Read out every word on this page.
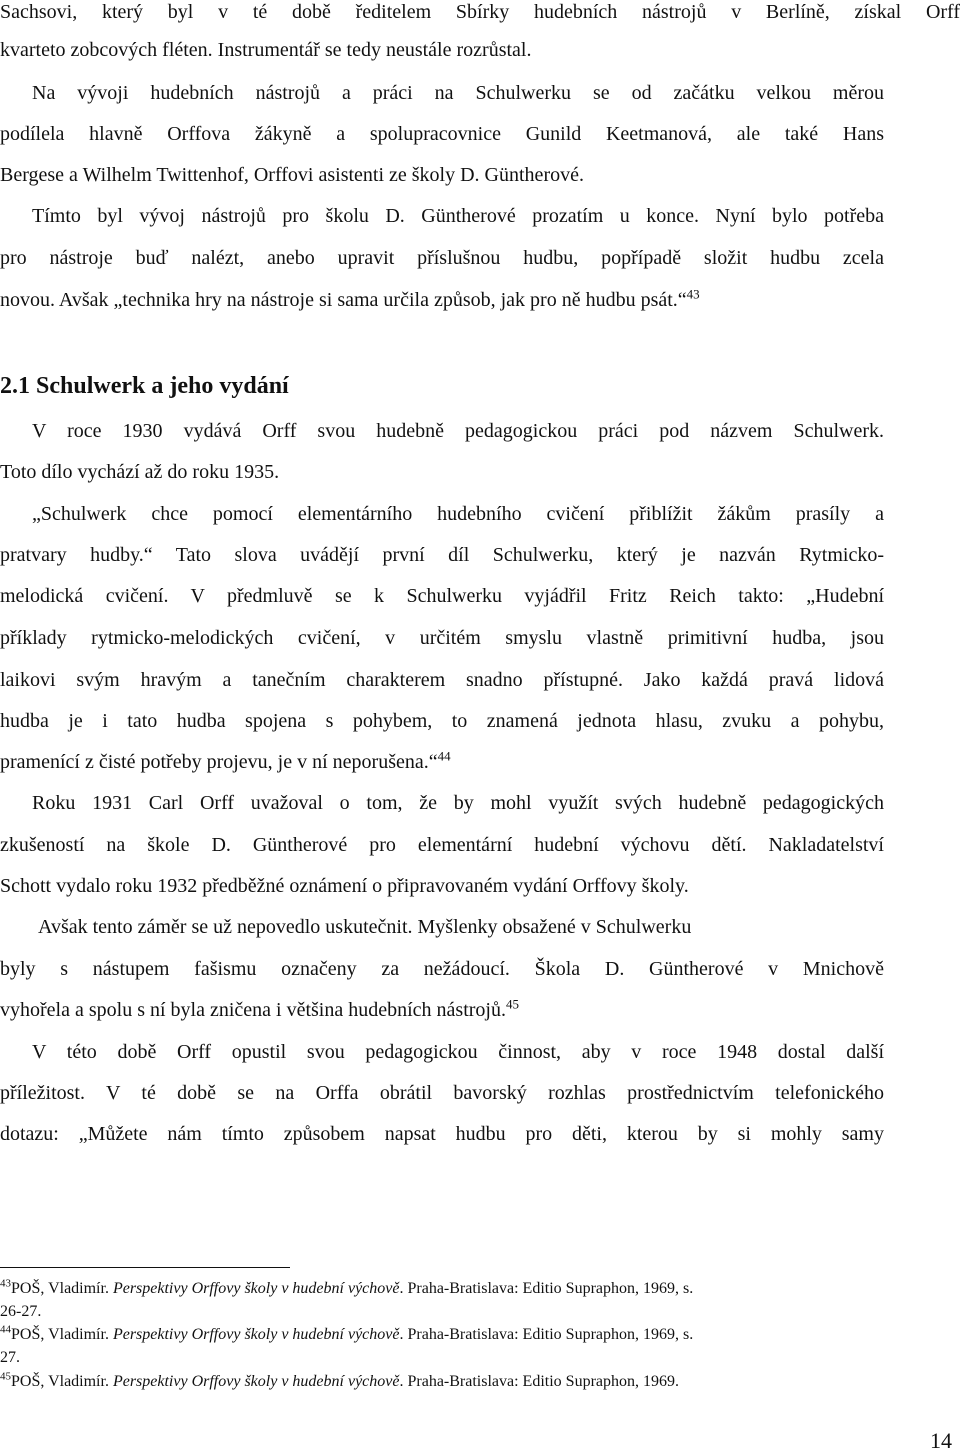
Sachsovi, který byl v té době ředitelem Sbírky hudebních nástrojů v Berlíně, získal Orff

kvarteto zobcových fléten. Instrumentář se tedy neustále rozrůstal.

Na vývoji hudebních nástrojů a práci na Schulwerku se od začátku velkou měrou

podílela hlavně Orffova žákyně a spolupracovnice Gunild Keetmanová, ale také Hans

Bergese a Wilhelm Twittenhof, Orffovi asistenti ze školy D. Güntherové.

Tímto byl vývoj nástrojů pro školu D. Güntherové prozatím u konce. Nyní bylo potřeba

pro nástroje buď nalézt, anebo upravit příslušnou hudbu, popřípadě složit hudbu zcela

novou. Avšak „technika hry na nástroje si sama určila způsob, jak pro ně hudbu psát.“$^{43}$

2.1 Schulwerk a jeho vydání

V roce 1930 vydává Orff svou hudebně pedagogickou práci pod názvem Schulwerk.

Toto dílo vychází až do roku 1935.

„Schulwerk chce pomocí elementárního hudebního cvičení přiblížit žákům prasíly a

pratvary hudby.“ Tato slova uvádějí první díl Schulwerku, který je nazván Rytmicko-

melodická cvičení. V předmluvě se k Schulwerku vyjádřil Fritz Reich takto: „Hudební

příklady rytmicko-melodických cvičení, v určitém smyslu vlastně primitivní hudba, jsou

laikovi svým hravým a tanečním charakterem snadno přístupné. Jako každá pravá lidová

hudba je i tato hudba spojena s pohybem, to znamená jednota hlasu, zvuku a pohybu,

pramenící z čisté potřeby projevu, je v ní neporušena.“$^{44}$

Roku 1931 Carl Orff uvažoval o tom, že by mohl využít svých hudebně pedagogických

zkušeností na škole D. Güntherové pro elementární hudební výchovu dětí. Nakladatelství

Schott vydalo roku 1932 předběžné oznámení o připravovaném vydání Orffovy školy.

Avšak tento záměr se už nepovedlo uskutečnit. Myšlenky obsažené v Schulwerku

byly s nástupem fašismu označeny za nežádoucí. Škola D. Güntherové v Mnichově

vyhořela a spolu s ní byla zničena i většina hudebních nástrojů.$^{45}$

V této době Orff opustil svou pedagogickou činnost, aby v roce 1948 dostal další

příležitost. V té době se na Orffa obrátil bavorský rozhlas prostřednictvím telefonického

dotazu: „Můžete nám tímto způsobem napsat hudbu pro děti, kterou by si mohly samy

$^{43}$POŠ, Vladimír. Perspektivy Orffovy školy v hudební výchově. Praha-Bratislava: Editio Supraphon, 1969, s.
26-27.
$^{44}$POŠ, Vladimír. Perspektivy Orffovy školy v hudební výchově. Praha-Bratislava: Editio Supraphon, 1969, s.
27.
$^{45}$POŠ, Vladimír. Perspektivy Orffovy školy v hudební výchově. Praha-Bratislava: Editio Supraphon, 1969.
14
